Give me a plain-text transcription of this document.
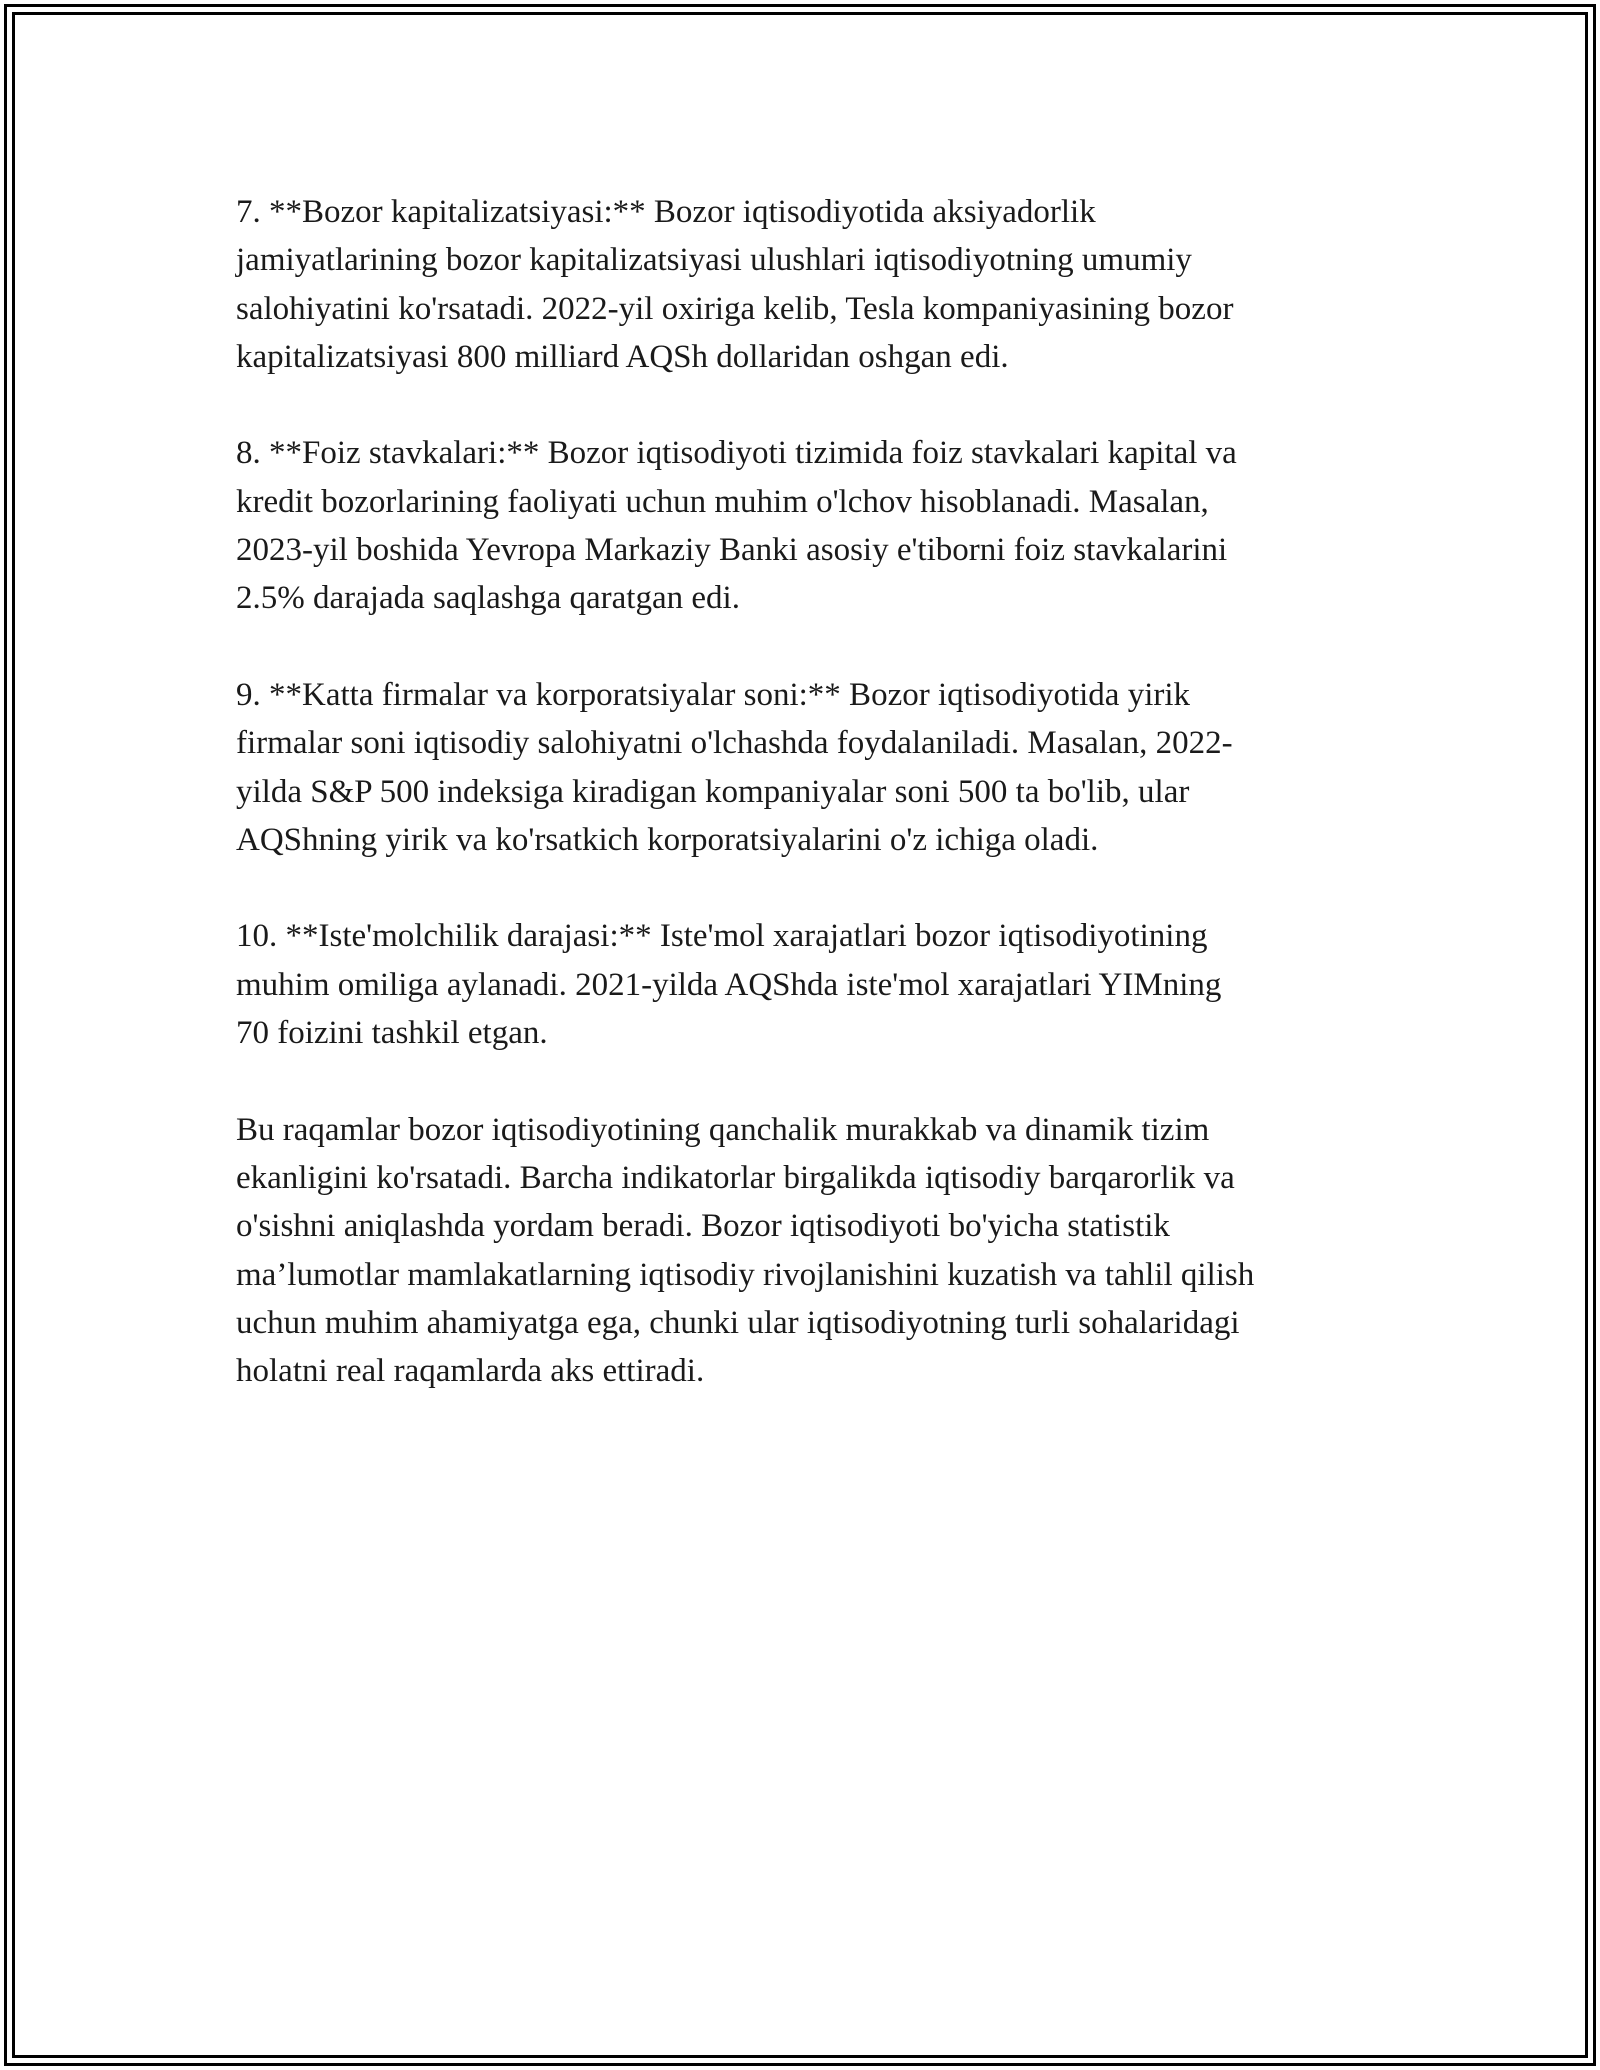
7. **Bozor kapitalizatsiyasi:** Bozor iqtisodiyotida aksiyadorlik
jamiyatlarining bozor kapitalizatsiyasi ulushlari iqtisodiyotning umumiy
salohiyatini ko'rsatadi. 2022-yil oxiriga kelib, Tesla kompaniyasining bozor
kapitalizatsiyasi 800 milliard AQSh dollaridan oshgan edi.

8. **Foiz stavkalari:** Bozor iqtisodiyoti tizimida foiz stavkalari kapital va
kredit bozorlarining faoliyati uchun muhim o'lchov hisoblanadi. Masalan,
2023-yil boshida Yevropa Markaziy Banki asosiy e'tiborni foiz stavkalarini
2.5% darajada saqlashga qaratgan edi.

9. **Katta firmalar va korporatsiyalar soni:** Bozor iqtisodiyotida yirik
firmalar soni iqtisodiy salohiyatni o'lchashda foydalaniladi. Masalan, 2022-
yilda S&P 500 indeksiga kiradigan kompaniyalar soni 500 ta bo'lib, ular
AQShning yirik va ko'rsatkich korporatsiyalarini o'z ichiga oladi.

10. **Iste'molchilik darajasi:** Iste'mol xarajatlari bozor iqtisodiyotining
muhim omiliga aylanadi. 2021-yilda AQShda iste'mol xarajatlari YIMning
70 foizini tashkil etgan.

Bu raqamlar bozor iqtisodiyotining qanchalik murakkab va dinamik tizim
ekanligini ko'rsatadi. Barcha indikatorlar birgalikda iqtisodiy barqarorlik va
o'sishni aniqlashda yordam beradi. Bozor iqtisodiyoti bo'yicha statistik
ma’lumotlar mamlakatlarning iqtisodiy rivojlanishini kuzatish va tahlil qilish
uchun muhim ahamiyatga ega, chunki ular iqtisodiyotning turli sohalaridagi
holatni real raqamlarda aks ettiradi.
